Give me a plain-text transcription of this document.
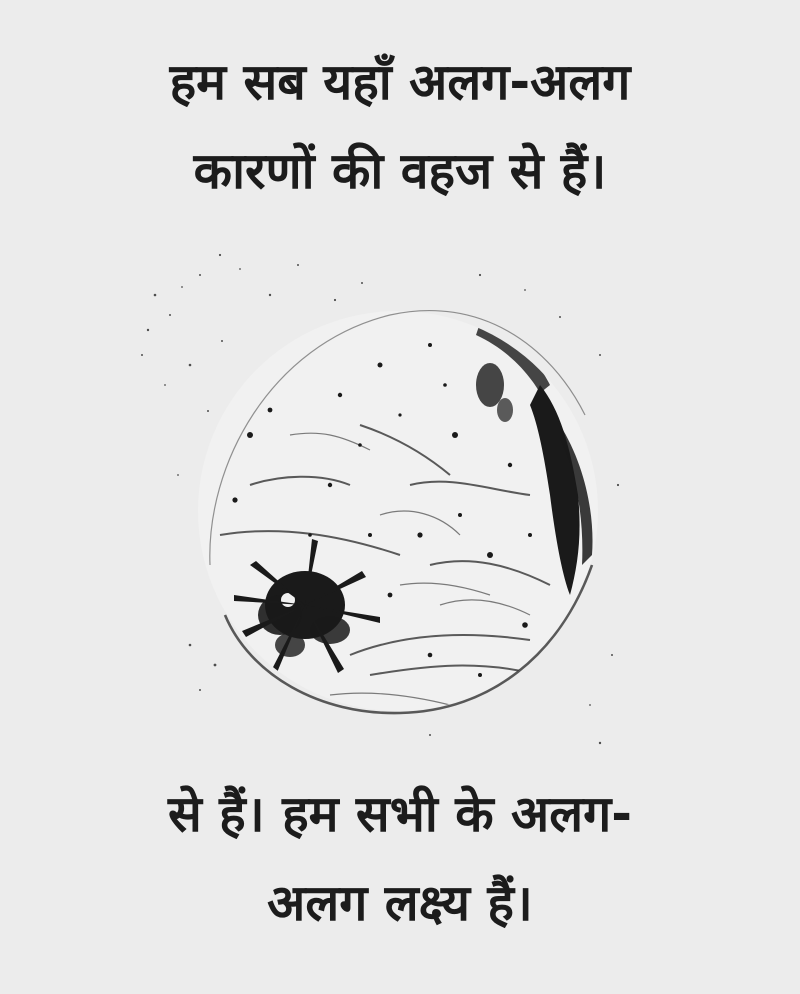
हम सब यहाँ अलग-अलग
कारणों की वहज से हैं।
से हैं। हम सभी के अलग-
अलग लक्ष्य हैं।
